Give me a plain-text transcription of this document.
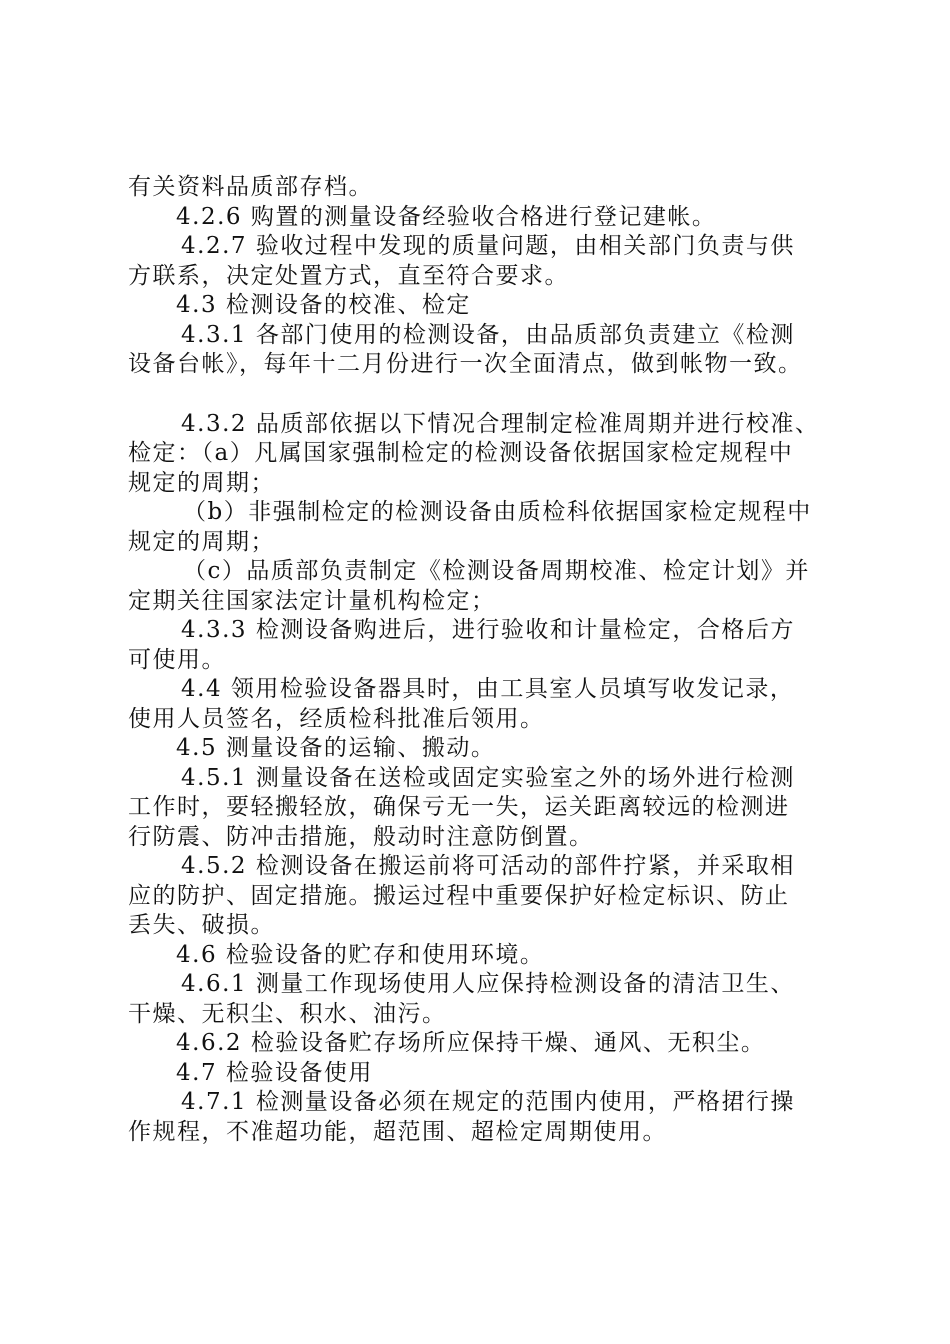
有关资料品质部存档。
4.2.6 购置的测量设备经验收合格进行登记建帐。
4.2.7 验收过程中发现的质量问题，由相关部门负责与供
方联系，决定处置方式，直至符合要求。
4.3 检测设备的校准、检定
4.3.1 各部门使用的检测设备，由品质部负责建立《检测
设备台帐》，每年十二月份进行一次全面清点，做到帐物一致。
4.3.2 品质部依据以下情况合理制定检准周期并进行校准、
检定：（a）凡属国家强制检定的检测设备依据国家检定规程中
规定的周期；
（b）非强制检定的检测设备由质检科依据国家检定规程中
规定的周期；
（c）品质部负责制定《检测设备周期校准、检定计划》并
定期关往国家法定计量机构检定；
4.3.3 检测设备购进后，进行验收和计量检定，合格后方
可使用。
4.4 领用检验设备器具时，由工具室人员填写收发记录，
使用人员签名，经质检科批准后领用。
4.5 测量设备的运输、搬动。
4.5.1 测量设备在送检或固定实验室之外的场外进行检测
工作时，要轻搬轻放，确保亏无一失，运关距离较远的检测进
行防震、防冲击措施，般动时注意防倒置。
4.5.2 检测设备在搬运前将可活动的部件拧紧，并采取相
应的防护、固定措施。搬运过程中重要保护好检定标识、防止
丢失、破损。
4.6 检验设备的贮存和使用环境。
4.6.1 测量工作现场使用人应保持检测设备的清洁卫生、
干燥、无积尘、积水、油污。
4.6.2 检验设备贮存场所应保持干燥、通风、无积尘。
4.7 检验设备使用
4.7.1 检测量设备必须在规定的范围内使用，严格捃行操
作规程，不准超功能，超范围、超检定周期使用。
